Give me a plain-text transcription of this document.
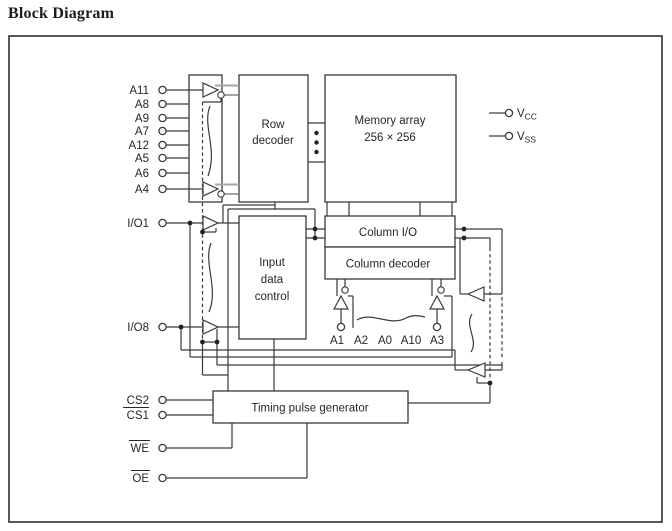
Block Diagram
A11
A8
A9
A7
A12
A5
A6
A4
I/O1
I/O8
CS2
CS1
WE
OE
Row
decoder
Memory array
256 × 256
Input
data
control
Column I/O
Column decoder
Timing pulse generator
A1 A2 A0 A10 A3
$V_{CC}$
$V_{SS}$
